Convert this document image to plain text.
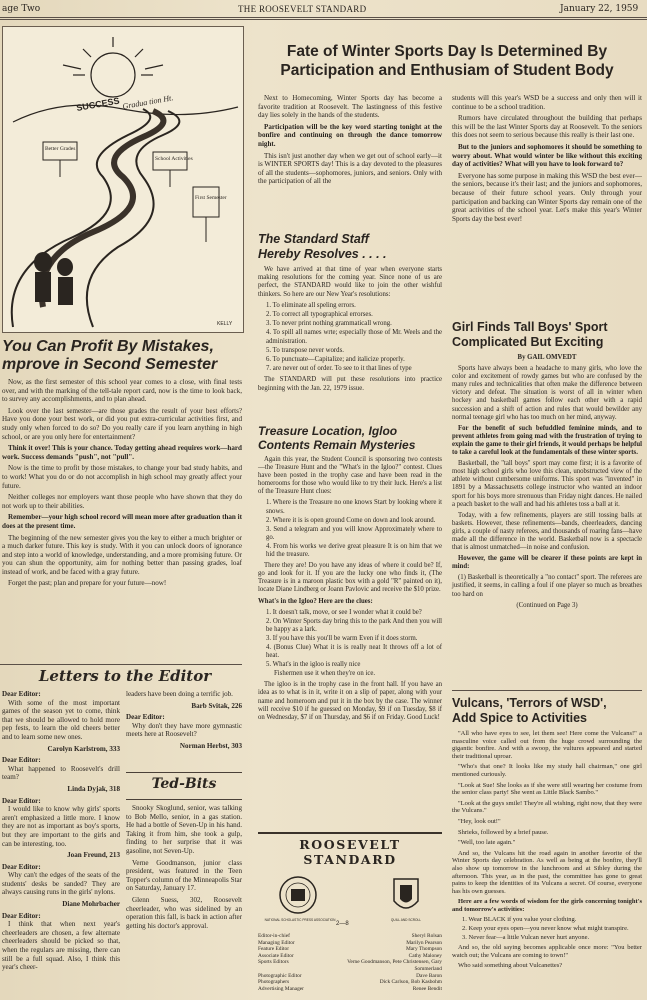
age Two	THE ROOSEVELT STANDARD	January 22, 1959
SUCCESS Gradua tion Ht.
Better Grades
School Activities
First Semester
KELLY
You Can Profit By Mistakes,
mprove in Second Semester

Now, as the first semester of this school year comes to a close, with final tests over, and with the marking of the tell-tale report card, now is the time to look back, to survey any accomplishments, and to plan ahead.

Look over the last semester—are those grades the result of your best efforts? Have you done your best work, or did you put extra-curricular activities first, and study only when forced to do so? Do you really care if you learn anything in high school, or are you only here for entertainment?

Think it over! This is your chance. Today getting ahead requires work—hard work. Success demands "push", not "pull".

Now is the time to profit by those mistakes, to change your bad study habits, and to work! What you do or do not accomplish in high school may greatly affect your future.

Neither colleges nor employers want those people who have shown that they do not work up to their abilities.

Remember—your high school record will mean more after graduation than it does at the present time.

The beginning of the new semester gives you the key to either a much brighter or a much darker future. This key is study. With it you can unlock doors of ignorance and step into a world of knowledge, understanding, and a more promising future. Or you can shun the opportunity, aim for nothing better than passing grades, loaf instead of work, and be faced with a gray future.

Forget the past; plan and prepare for your future—now!

Letters to the Editor
Dear Editor:

With some of the most important games of the season yet to come, think that we should be allowed to hold more pep fests, to learn the old cheers better and to learn some new ones.

Carolyn Karlstrom, 333
Dear Editor:

What happened to Roosevelt's drill team?

Linda Dyjak, 318
Dear Editor:

I would like to know why girls' sports aren't emphasized a little more. I know they are not as important as boy's sports, but they are important to the girls and can be interesting, too.

Joan Freund, 213
Dear Editor:

Why can't the edges of the seats of the students' desks be sanded? They are always causing runs in the girls' nylons.

Diane Mohrbacher
Dear Editor:

I think that when next year's cheerleaders are chosen, a few alternate cheerleaders should be picked so that, when the regulars are missing, there can still be a full squad. Also, I think this year's cheer-

leaders have been doing a terrific job.

Barb Svitak, 226
Dear Editor:

Why don't they have more gymnastic meets here at Roosevelt?

Norman Herbst, 303
Ted-Bits

Snooky Skoglund, senior, was talking to Bob Mello, senior, in a gas station. He had a bottle of Seven-Up in his hand. Taking it from him, she took a gulp, finding to her surprise that it was gasoline, not Seven-Up.

Verne Goodmanson, junior class president, was featured in the Teen Topper's column of the Minneapolis Star on Saturday, January 17.

Glenn Suess, 302, Roosevelt cheerleader, who was sidelined by an operation this fall, is back in action after getting his doctor's approval.

Fate of Winter Sports Day Is Determined By
Participation and Enthusiam of Student Body

Next to Homecoming, Winter Sports day has become a favorite tradition at Roosevelt. The lastingness of this festive day lies solely in the hands of the students.

Participation will be the key word starting tonight at the bonfire and continuing on through the dance tomorrow night.

This isn't just another day when we get out of school early—it is WINTER SPORTS day! This is a day devoted to the pleasures of all the students—sophomores, juniors, and seniors. Only with the participation of all the

students will this year's WSD be a success and only then will it continue to be a school tradition.

Rumors have circulated throughout the building that perhaps this will be the last Winter Sports day at Roosevelt. To the seniors this does not seem to serious because this really is their last one.

But to the juniors and sophomores it should be something to worry about. What would winter be like without this exciting day of activities? What will you have to look forward to?

Everyone has some purpose in making this WSD the best ever—the seniors, because it's their last; and the juniors and sophomores, because of their future school years. Only through your participation and backing can Winter Sports day remain one of the great activities of the school year. Let's make this year's Winter Sports day the best ever!

The Standard Staff
Hereby Resolves . . . .

We have arrived at that time of year when everyone starts making resolutions for the coming year. Since none of us are perfect, the STANDARD would like to join the other wishful thinkers. So here are our New Year's resolutions:

1. To eliminate all speling errors.
2. To correct all typographical errorses.
3. To never print nothing grammaticall wrong.
4. To spill all names wrte; especially those of Mr. Weels and the administration.
5. To transpose never words.
6. To punctuate—Capitalize; and italicize properly.
7. are never out of order. To see to it that lines of type

The STANDARD will put these resolutions into practice beginning with the Jan. 22, 1979 issue.

Treasure Location, Igloo
Contents Remain Mysteries

Again this year, the Student Council is sponsoring two contests—the Treasure Hunt and the "What's in the Igloo?" contest. Clues have been posted in the trophy case and have been read in the homerooms for those who would like to try their luck. Here's a list of the Treasure Hunt clues:

1. Where is the Treasure no one knows Start by looking where it snows.
2. Where it is is open ground Come on down and look around.
3. Send a telegram and you will know Approximately where to go.
4. From his works we derive great pleasure It is on him that we hid the treasure.

There they are! Do you have any ideas of where it could be? If, go and look for it. If you are the lucky one who finds it, (The Treasure is in a maroon plastic box with a gold "R" painted on it), locate Diane Lindberg or Joann Pavlovic and receive the $10 prize.

What's in the Igloo? Here are the clues:

1. It doesn't talk, move, or see I wonder what it could be?
2. On Winter Sports day bring this to the park And then you will be happy as a lark.
3. If you have this you'll be warm Even if it does storm.
4. (Bonus Clue) What it is is really neat It throws off a lot of heat.
5. What's in the igloo is really nice
Fishermen use it when they're on ice.

The igloo is in the trophy case in the front hall. If you have an idea as to what is in it, write it on a slip of paper, along with your name and homeroom and put it in the box by the case. The winner will receive $10 if he guessed on Monday, $9 if on Tuesday, $8 if on Wednesday, $7 if on Thursday, and $6 if on Friday. Good Luck!

ROOSEVELT STANDARD
NATIONAL SCHOLASTIC PRESS ASSOCIATION	QUILL AND SCROLL
2—8
Editor-in-chief	Sheryl Rolsan
Managing Editor	Marilyn Pearson
Feature Editor	Mary Thompson
Associate Editor	Cathy Maloney
Sports Editors	Verne Goodmanson, Pete Christensen, Gary Sommerland
Photographic Editor	Dave Baron
Photographers	Dick Carlson, Bob Kasbohm
Advertising Manager	Renee Bendit
Girl Finds Tall Boys' Sport
Complicated But Exciting
By GAIL OMVEDT

Sports have always been a headache to many girls, who love the color and excitement of rowdy games but who are confused by the many rules and technicalities that often make the difference between victory and defeat. The situation is worst of all in winter when hockey and basketball games follow each other with a rapid succession and a shift of action and rules that would bewilder any normal teenage girl who has too much on her mind, anyway.

For the benefit of such befuddled feminine minds, and to prevent athletes from going mad with the frustration of trying to explain the game to their girl friends, it would perhaps be helpful to take a careful look at the fundamentals of these winter sports.

Basketball, the "tall boys" sport may come first; it is a favorite of most high school girls who love this clean, unobstructed view of the athlete without cumbersome uniforms. This sport was "invented" in 1891 by a Massachusetts college instructor who wanted an indoor sport for his boys more strenuous than Friday night dances. He nailed a peach basket to the wall and had his athletes toss a ball at it.

Today, with a few refinements, players are still tossing balls at baskets. However, these refinements—bands, cheerleaders, dancing girls, a couple of nasty referees, and thousands of roaring fans—have made all the difference in the world. Basketball now is a spectacle that is almost unmatched—in noise and confusion.

However, the game will be clearer if these points are kept in mind:

(1) Basketball is theoretically a "no contact" sport. The referees are justified, it seems, in calling a foul if one player so much as breathes too hard on

(Continued on Page 3)
Vulcans, 'Terrors of WSD',
Add Spice to Activities

"All who have eyes to see, let them see! Here come the Vulcans!" a masculine voice called out from the huge crowd surrounding the gigantic bonfire. And with a swoop, the vultures appeared and started their traditional uproar.

"Who's that one? It looks like my study hall chairman," one girl mentioned curiously.

"Look at Sue! She looks as if she were still wearing her costume from the senior class party! She went as Little Black Sambo."

"Look at the guys smile! They're all wishing, right now, that they were the Vulcans."

"Hey, look out!"

Shrieks, followed by a brief pause.

"Well, too late again."

And so, the Vulcans hit the road again in another favorite of the Winter Sports day celebration. As well as being at the bonfire, they'll also show up tomorrow in the lunchroom and at Sibley during the afternoon. This year, as in the past, the committee has gone to great pains to keep the identities of its Vulcans a secret. Of course, everyone has his own guesses.

Here are a few words of wisdom for the girls concerning tonight's and tomorrow's activities:

1. Wear BLACK if you value your clothing.
2. Keep your eyes open—you never know what might transpire.
3. Never fear—a little Vulcan never hurt anyone.

And so, the old saying becomes applicable once more: "You better watch out; the Vulcans are coming to town!"

Who said something about Vulcanettes?
